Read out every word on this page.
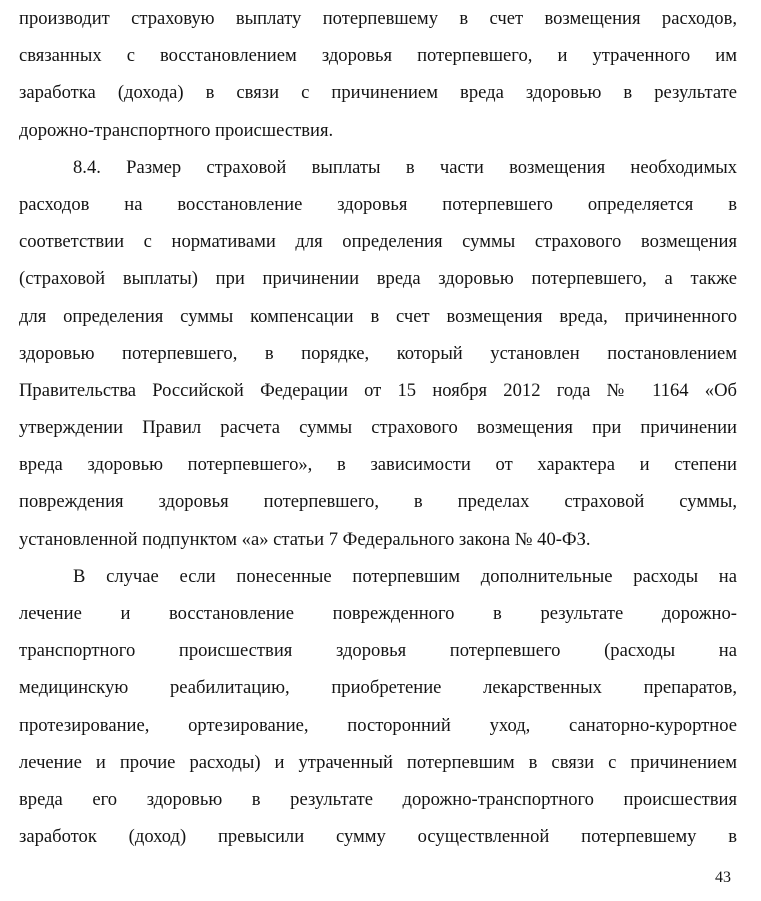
производит страховую выплату потерпевшему в счет возмещения расходов,
связанных с восстановлением здоровья потерпевшего, и утраченного им
заработка (дохода) в связи с причинением вреда здоровью в результате
дорожно-транспортного происшествия.
8.4. Размер страховой выплаты в части возмещения необходимых
расходов на восстановление здоровья потерпевшего определяется в
соответствии с нормативами для определения суммы страхового возмещения
(страховой выплаты) при причинении вреда здоровью потерпевшего, а также
для определения суммы компенсации в счет возмещения вреда, причиненного
здоровью потерпевшего, в порядке, который установлен постановлением
Правительства Российской Федерации от 15 ноября 2012 года № 1164 «Об
утверждении Правил расчета суммы страхового возмещения при причинении
вреда здоровью потерпевшего», в зависимости от характера и степени
повреждения здоровья потерпевшего, в пределах страховой суммы,
установленной подпунктом «а» статьи 7 Федерального закона № 40-ФЗ.
В случае если понесенные потерпевшим дополнительные расходы на
лечение и восстановление поврежденного в результате дорожно-
транспортного происшествия здоровья потерпевшего (расходы на
медицинскую реабилитацию, приобретение лекарственных препаратов,
протезирование, ортезирование, посторонний уход, санаторно-курортное
лечение и прочие расходы) и утраченный потерпевшим в связи с причинением
вреда его здоровью в результате дорожно-транспортного происшествия
заработок (доход) превысили сумму осуществленной потерпевшему в
43
